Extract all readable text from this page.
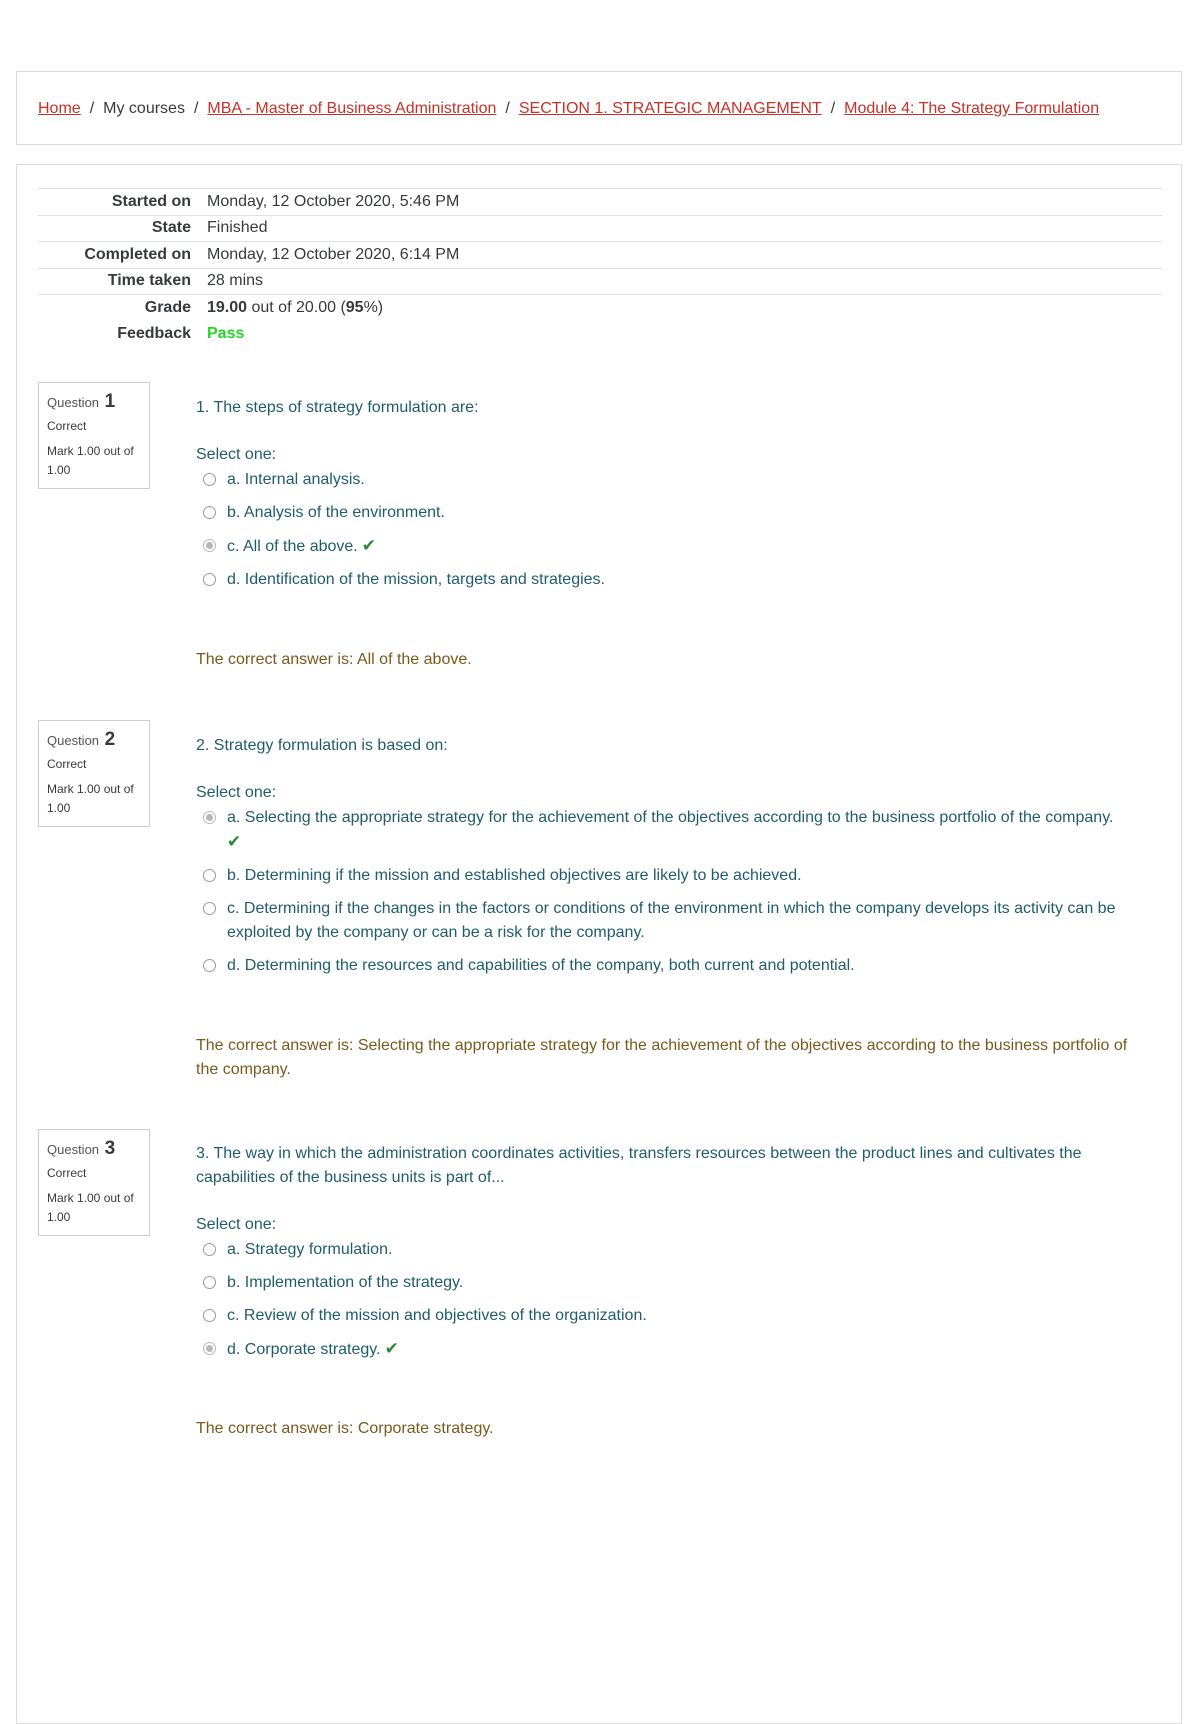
Home / My courses / MBA - Master of Business Administration / SECTION 1. STRATEGIC MANAGEMENT / Module 4: The Strategy Formulation
Started on	Monday, 12 October 2020, 5:46 PM
State	Finished
Completed on	Monday, 12 October 2020, 6:14 PM
Time taken	28 mins
Grade	19.00 out of 20.00 (95%)
Feedback	Pass
Question 1
Correct
Mark 1.00 out of 1.00
1. The steps of strategy formulation are:
Select one:
a. Internal analysis.
b. Analysis of the environment.
c. All of the above. ✔
d. Identification of the mission, targets and strategies.
The correct answer is: All of the above.
Question 2
Correct
Mark 1.00 out of 1.00
2. Strategy formulation is based on:
Select one:
a. Selecting the appropriate strategy for the achievement of the objectives according to the business portfolio of the company.
✔
b. Determining if the mission and established objectives are likely to be achieved.
c. Determining if the changes in the factors or conditions of the environment in which the company develops its activity can be exploited by the company or can be a risk for the company.
d. Determining the resources and capabilities of the company, both current and potential.
The correct answer is: Selecting the appropriate strategy for the achievement of the objectives according to the business portfolio of the company.
Question 3
Correct
Mark 1.00 out of 1.00
3. The way in which the administration coordinates activities, transfers resources between the product lines and cultivates the capabilities of the business units is part of...
Select one:
a. Strategy formulation.
b. Implementation of the strategy.
c. Review of the mission and objectives of the organization.
d. Corporate strategy. ✔
The correct answer is: Corporate strategy.
